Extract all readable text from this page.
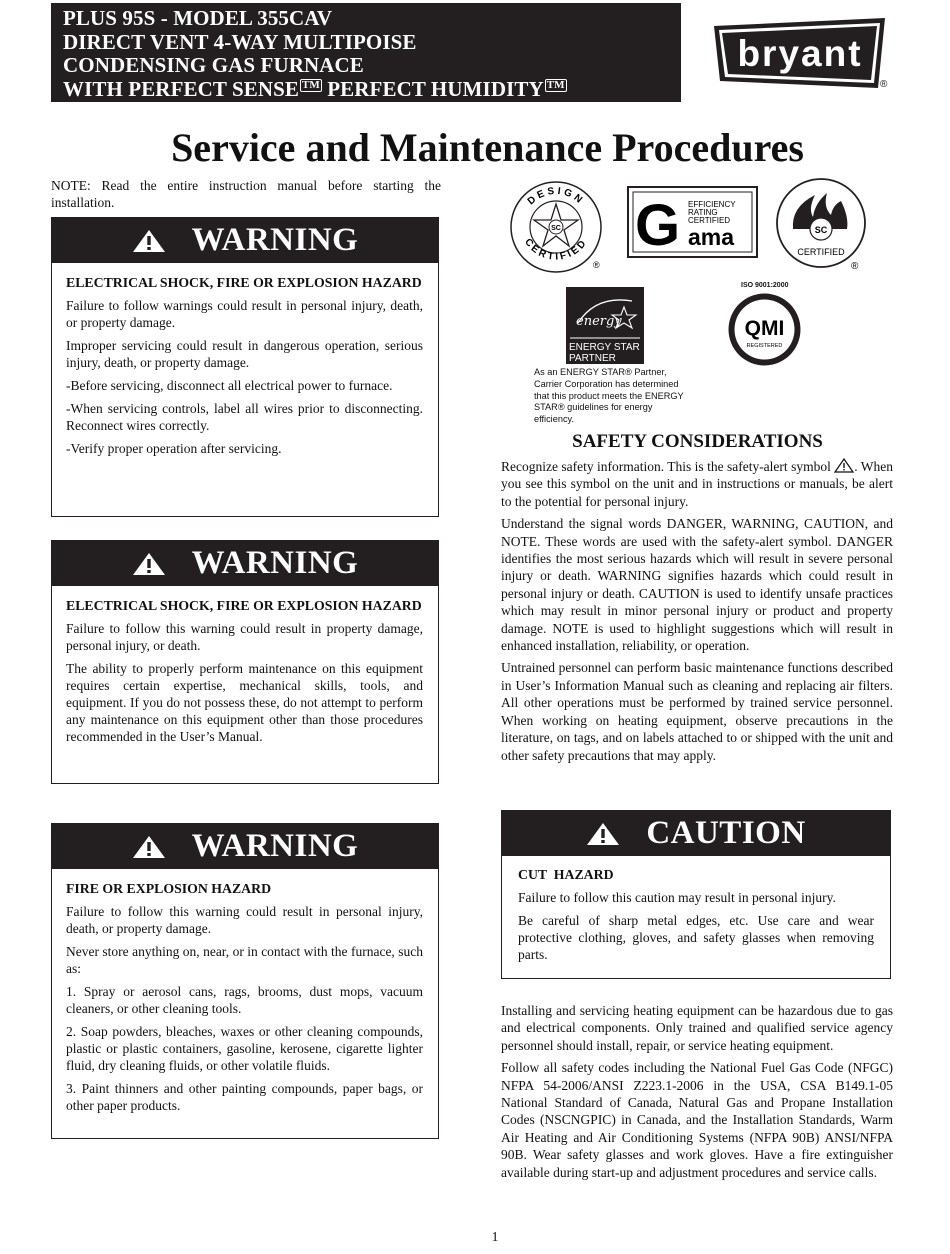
PLUS 95S - MODEL 355CAV
DIRECT VENT 4-WAY MULTIPOISE
CONDENSING GAS FURNACE
WITH PERFECT SENSE TM PERFECT HUMIDITY TM
bryant
®
Service and Maintenance Procedures
NOTE: Read the entire instruction manual before starting the installation.
WARNING
ELECTRICAL SHOCK, FIRE OR EXPLOSION HAZARD

Failure to follow warnings could result in personal injury, death, or property damage.

Improper servicing could result in dangerous operation, serious injury, death, or property damage.

-Before servicing, disconnect all electrical power to furnace.

-When servicing controls, label all wires prior to disconnecting. Reconnect wires correctly.

-Verify proper operation after servicing.

WARNING
ELECTRICAL SHOCK, FIRE OR EXPLOSION HAZARD

Failure to follow this warning could result in property damage, personal injury, or death.

The ability to properly perform maintenance on this equipment requires certain expertise, mechanical skills, tools, and equipment. If you do not possess these, do not attempt to perform any maintenance on this equipment other than those procedures recommended in the User’s Manual.

WARNING
FIRE OR EXPLOSION HAZARD

Failure to follow this warning could result in personal injury, death, or property damage.

Never store anything on, near, or in contact with the furnace, such as:

1. Spray or aerosol cans, rags, brooms, dust mops, vacuum cleaners, or other cleaning tools.

2. Soap powders, bleaches, waxes or other cleaning compounds, plastic or plastic containers, gasoline, kerosene, cigarette lighter fluid, dry cleaning fluids, or other volatile fluids.

3. Paint thinners and other painting compounds, paper bags, or other paper products.

SC
DESIGN
CERTIFIED
®
G EFFICIENCY
RATING
CERTIFIED
ama	SC
CERTIFIED
®
energy
ENERGY STAR
PARTNER
As an ENERGY STAR® Partner, Carrier Corporation has determined that this product meets the ENERGY STAR® guidelines for energy efficiency.
ISO 9001:2000
QMI
REGISTERED
SAFETY CONSIDERATIONS

Recognize safety information. This is the safety-alert symbol . When you see this symbol on the unit and in instructions or manuals, be alert to the potential for personal injury.

Understand the signal words DANGER, WARNING, CAUTION, and NOTE. These words are used with the safety-alert symbol. DANGER identifies the most serious hazards which will result in severe personal injury or death. WARNING signifies hazards which could result in personal injury or death. CAUTION is used to identify unsafe practices which may result in minor personal injury or product and property damage. NOTE is used to highlight suggestions which will result in enhanced installation, reliability, or operation.

Untrained personnel can perform basic maintenance functions described in User’s Information Manual such as cleaning and replacing air filters. All other operations must be performed by trained service personnel. When working on heating equipment, observe precautions in the literature, on tags, and on labels attached to or shipped with the unit and other safety precautions that may apply.

CAUTION
CUT  HAZARD

Failure to follow this caution may result in personal injury.

Be careful of sharp metal edges, etc. Use care and wear protective clothing, gloves, and safety glasses when removing parts.

Installing and servicing heating equipment can be hazardous due to gas and electrical components. Only trained and qualified service agency personnel should install, repair, or service heating equipment.

Follow all safety codes including the National Fuel Gas Code (NFGC) NFPA 54-2006/ANSI Z223.1-2006 in the USA, CSA B149.1-05 National Standard of Canada, Natural Gas and Propane Installation Codes (NSCNGPIC) in Canada, and the Installation Standards, Warm Air Heating and Air Conditioning Systems (NFPA 90B) ANSI/NFPA 90B. Wear safety glasses and work gloves. Have a fire extinguisher available during start-up and adjustment procedures and service calls.

1
